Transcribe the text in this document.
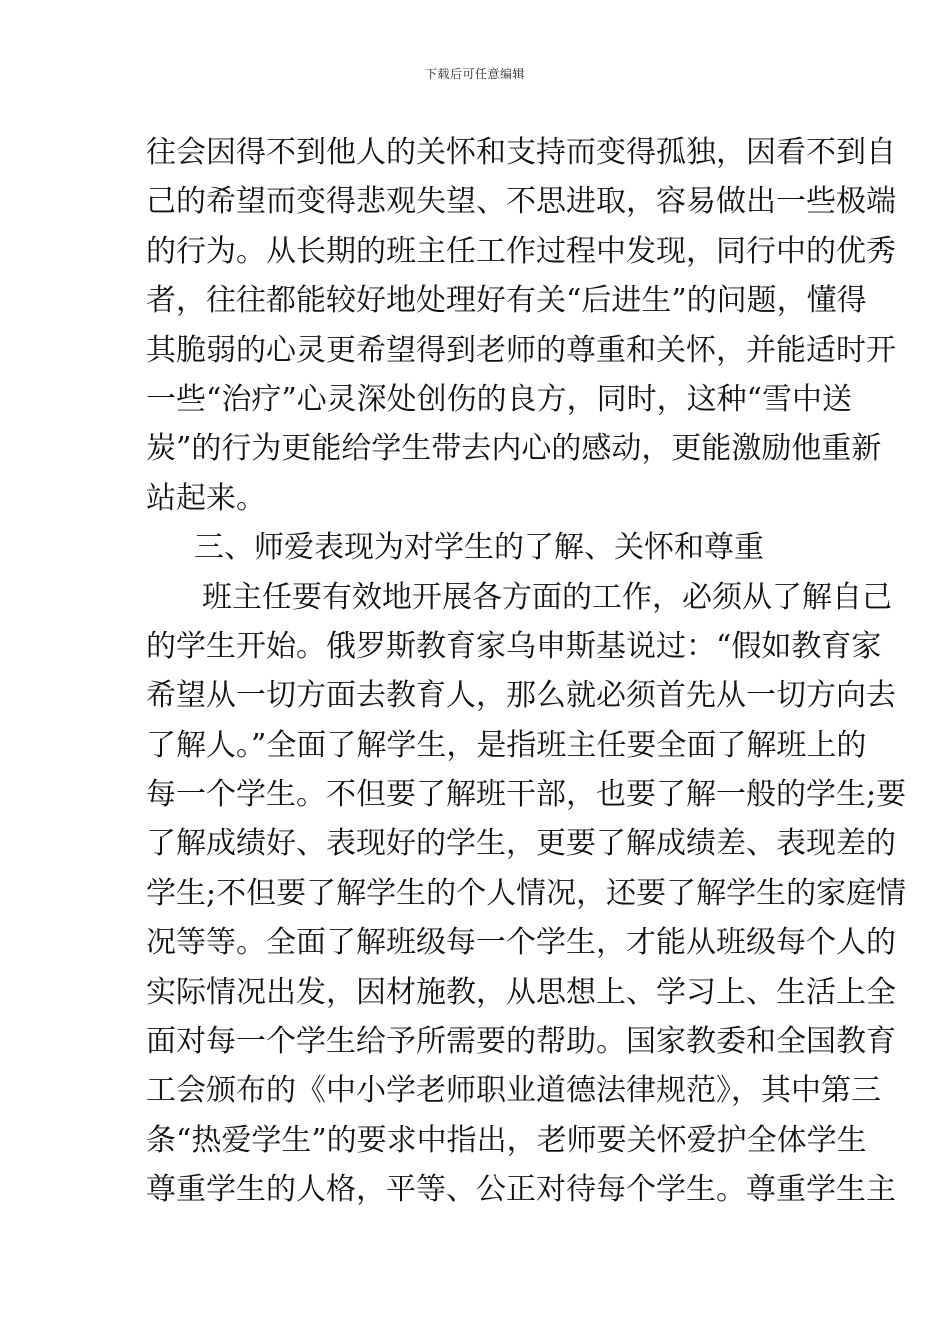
下载后可任意编辑
往会因得不到他人的关怀和支持而变得孤独，因看不到自
己的希望而变得悲观失望、不思进取，容易做出一些极端
的行为。从长期的班主任工作过程中发现，同行中的优秀
者，往往都能较好地处理好有关“后进生”的问题，懂得
其脆弱的心灵更希望得到老师的尊重和关怀，并能适时开
一些“治疗”心灵深处创伤的良方，同时，这种“雪中送
炭”的行为更能给学生带去内心的感动，更能激励他重新
站起来。
三、师爱表现为对学生的了解、关怀和尊重
班主任要有效地开展各方面的工作，必须从了解自己
的学生开始。俄罗斯教育家乌申斯基说过：“假如教育家
希望从一切方面去教育人，那么就必须首先从一切方向去
了解人。”全面了解学生，是指班主任要全面了解班上的
每一个学生。不但要了解班干部，也要了解一般的学生;要
了解成绩好、表现好的学生，更要了解成绩差、表现差的
学生;不但要了解学生的个人情况，还要了解学生的家庭情
况等等。全面了解班级每一个学生，才能从班级每个人的
实际情况出发，因材施教，从思想上、学习上、生活上全
面对每一个学生给予所需要的帮助。国家教委和全国教育
工会颁布的《中小学老师职业道德法律规范》，其中第三
条“热爱学生”的要求中指出，老师要关怀爱护全体学生
尊重学生的人格，平等、公正对待每个学生。尊重学生主
